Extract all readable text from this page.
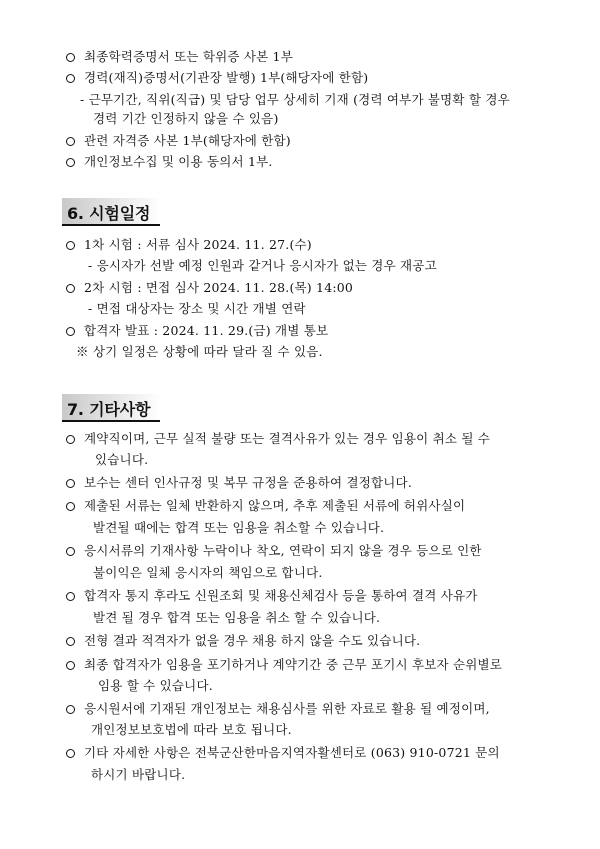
최종학력증명서 또는 학위증 사본 1부
경력(재직)증명서(기관장 발행) 1부(해당자에 한함)
- 근무기간, 직위(직급) 및 담당 업무 상세히 기재 (경력 여부가 불명확 할 경우
경력 기간 인정하지 않을 수 있음)
관련 자격증 사본 1부(해당자에 한함)
개인정보수집 및 이용 동의서 1부.
6. 시험일정
1차 시험 : 서류 심사 2024. 11. 27.(수)
- 응시자가 선발 예정 인원과 같거나 응시자가 없는 경우 재공고
2차 시험 : 면접 심사 2024. 11. 28.(목) 14:00
- 면접 대상자는 장소 및 시간 개별 연락
합격자 발표 : 2024. 11. 29.(금) 개별 통보
※ 상기 일정은 상황에 따라 달라 질 수 있음.
7. 기타사항
계약직이며, 근무 실적 불량 또는 결격사유가 있는 경우 임용이 취소 될 수
있습니다.
보수는 센터 인사규정 및 복무 규정을 준용하여 결정합니다.
제출된 서류는 일체 반환하지 않으며, 추후 제출된 서류에 허위사실이
발견될 때에는 합격 또는 임용을 취소할 수 있습니다.
응시서류의 기재사항 누락이나 착오, 연락이 되지 않을 경우 등으로 인한
불이익은 일체 응시자의 책임으로 합니다.
합격자 통지 후라도 신원조회 및 채용신체검사 등을 통하여 결격 사유가
발견 될 경우 합격 또는 임용을 취소 할 수 있습니다.
전형 결과 적격자가 없을 경우 채용 하지 않을 수도 있습니다.
최종 합격자가 임용을 포기하거나 계약기간 중 근무 포기시 후보자 순위별로
임용 할 수 있습니다.
응시원서에 기재된 개인정보는 채용심사를 위한 자료로 활용 될 예정이며,
개인정보보호법에 따라 보호 됩니다.
기타 자세한 사항은 전북군산한마음지역자활센터로 (063) 910-0721 문의
하시기 바랍니다.
